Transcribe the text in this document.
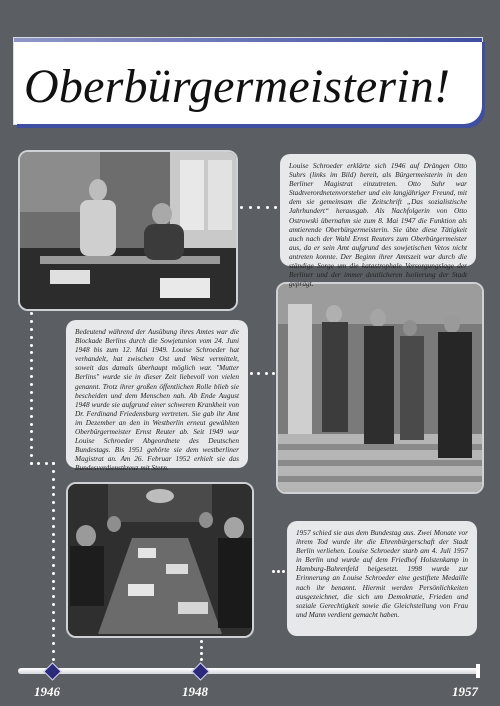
Oberbürgermeisterin!
Louise Schroeder erklärte sich 1946 auf Drängen Otto Suhrs (links im Bild) bereit, als Bürgermeisterin in den Berliner Magistrat einzutreten. Otto Suhr war Stadtverordnetenvorsteher und ein langjähriger Freund, mit dem sie gemeinsam die Zeitschrift „Das sozialistische Jahrhundert“ herausgab. Als Nachfolgerin von Otto Ostrowski übernahm sie zum 8. Mai 1947 die Funktion als amtierende Oberbürgermeisterin. Sie übte diese Tätigkeit auch nach der Wahl Ernst Reuters zum Oberbürgermeister aus, da er sein Amt aufgrund des sowjetischen Vetos nicht antreten konnte. Der Beginn ihrer Amtszeit war durch die ständige Sorge um die katastrophale Versorgungslage der Berliner und der immer deutlicheren Isolierung der Stadt geprägt.
Bedeutend während der Ausübung ihres Amtes war die Blockade Berlins durch die Sowjetunion vom 24. Juni 1948 bis zum 12. Mai 1949. Louise Schroeder hat verhandelt, hat zwischen Ost und West vermittelt, soweit das damals überhaupt möglich war. "Mutter Berlins" wurde sie in dieser Zeit liebevoll von vielen genannt. Trotz ihrer großen öffentlichen Rolle blieb sie bescheiden und dem Menschen nah. Ab Ende August 1948 wurde sie aufgrund einer schweren Krankheit von Dr. Ferdinand Friedensburg vertreten. Sie gab ihr Amt im Dezember an den in Westberlin erneut gewählten Oberbürgermeister Ernst Reuter ab. Seit 1949 war Louise Schroeder Abgeordnete des Deutschen Bundestags. Bis 1951 gehörte sie dem westberliner Magistrat an. Am 26. Februar 1952 erhielt sie das Bundesverdienstkreuz mit Stern.
1957 schied sie aus dem Bundestag aus. Zwei Monate vor ihrem Tod wurde ihr die Ehrenbürgerschaft der Stadt Berlin verliehen. Louise Schroeder starb am 4. Juli 1957 in Berlin und wurde auf dem Friedhof Holstenkamp in Hamburg-Bahrenfeld beigesetzt. 1998 wurde zur Erinnerung an Louise Schroeder eine gestiftete Medaille nach ihr benannt. Hiermit werden Persönlichkeiten ausgezeichnet, die sich um Demokratie, Frieden und soziale Gerechtigkeit sowie die Gleichstellung von Frau und Mann verdient gemacht haben.
1946	1948	1957
